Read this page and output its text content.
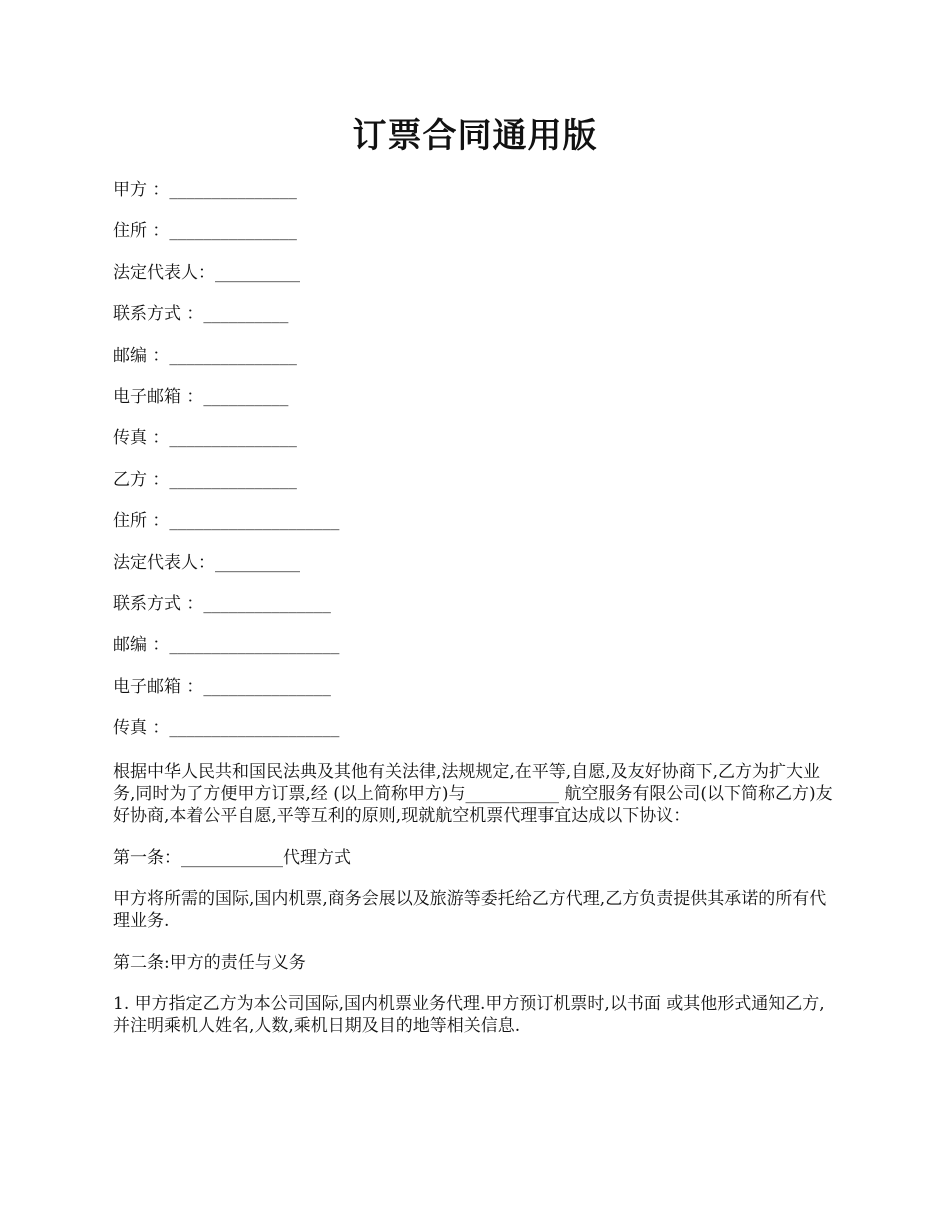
订票合同通用版
甲方 ：_______________
住所 ：_______________
法定代表人：__________
联系方式 ：__________
邮编 ：_______________
电子邮箱 ：__________
传真 ：_______________
乙方 ：_______________
住所 ：____________________
法定代表人：__________
联系方式 ：_______________
邮编 ：____________________
电子邮箱 ：_______________
传真 ：____________________

根据中华人民共和国民法典及其他有关法律,法规规定,在平等,自愿,及友好协商下,乙方为扩大业务,同时为了方便甲方订票,经 (以上简称甲方)与___________ 航空服务有限公司(以下简称乙方)友好协商,本着公平自愿,平等互利的原则,现就航空机票代理事宜达成以下协议：

第一条：____________代理方式

甲方将所需的国际,国内机票,商务会展以及旅游等委托给乙方代理,乙方负责提供其承诺的所有代理业务.

第二条:甲方的责任与义务

1. 甲方指定乙方为本公司国际,国内机票业务代理.甲方预订机票时,以书面 或其他形式通知乙方,并注明乘机人姓名,人数,乘机日期及目的地等相关信息.
